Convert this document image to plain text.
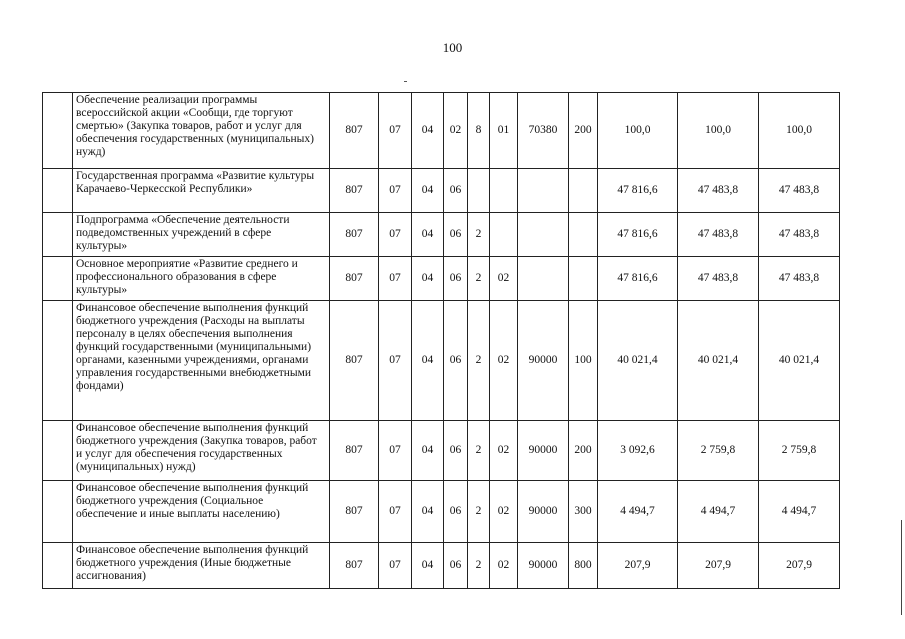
100
	Обеспечение реализации программы всероссийской акции «Сообщи, где торгуют смертью» (Закупка товаров, работ и услуг для обеспечения государственных (муниципальных) нужд)	807	07	04	02	8	01	70380	200	100,0	100,0	100,0
	Государственная программа «Развитие культуры Карачаево-Черкесской Республики»	807	07	04	06					47 816,6	47 483,8	47 483,8
	Подпрограмма «Обеспечение деятельности подведомственных учреждений в сфере культуры»	807	07	04	06	2				47 816,6	47 483,8	47 483,8
	Основное мероприятие «Развитие среднего и профессионального образования в сфере культуры»	807	07	04	06	2	02			47 816,6	47 483,8	47 483,8
	Финансовое обеспечение выполнения функций бюджетного учреждения (Расходы на выплаты персоналу в целях обеспечения выполнения функций государственными (муниципальными) органами, казенными учреждениями, органами управления государственными внебюджетными фондами)	807	07	04	06	2	02	90000	100	40 021,4	40 021,4	40 021,4
	Финансовое обеспечение выполнения функций бюджетного учреждения (Закупка товаров, работ и услуг для обеспечения государственных (муниципальных) нужд)	807	07	04	06	2	02	90000	200	3 092,6	2 759,8	2 759,8
	Финансовое обеспечение выполнения функций бюджетного учреждения (Социальное обеспечение и иные выплаты населению)	807	07	04	06	2	02	90000	300	4 494,7	4 494,7	4 494,7
	Финансовое обеспечение выполнения функций бюджетного учреждения (Иные бюджетные ассигнования)	807	07	04	06	2	02	90000	800	207,9	207,9	207,9
